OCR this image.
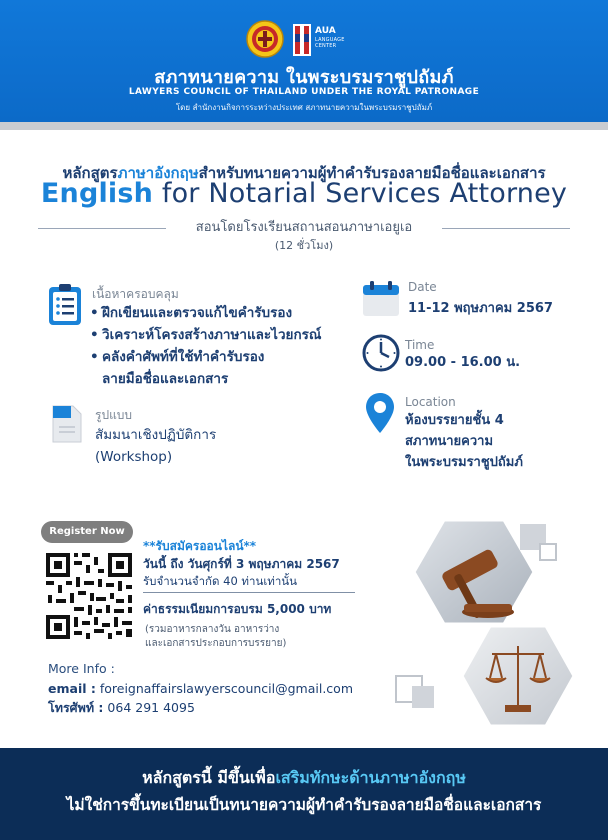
AUA
LANGUAGE
CENTER
สภาทนายความ ในพระบรมราชูปถัมภ์
LAWYERS COUNCIL OF THAILAND UNDER THE ROYAL PATRONAGE
โดย สำนักงานกิจการระหว่างประเทศ สภาทนายความในพระบรมราชูปถัมภ์
หลักสูตรภาษาอังกฤษสำหรับทนายความผู้ทำคำรับรองลายมือชื่อและเอกสาร
English for Notarial Services Attorney
สอนโดยโรงเรียนสถานสอนภาษาเอยูเอ
(12 ชั่วโมง)
เนื้อหาครอบคลุม
• ฝึกเขียนและตรวจแก้ไขคำรับรอง
• วิเคราะห์โครงสร้างภาษาและไวยกรณ์
• คลังคำศัพท์ที่ใช้ทำคำรับรอง
ลายมือชื่อและเอกสาร
รูปแบบ
สัมมนาเชิงปฏิบัติการ
(Workshop)
Date
11-12 พฤษภาคม 2567
Time
09.00 - 16.00 น.
Location
ห้องบรรยายชั้น 4
สภาทนายความ
ในพระบรมราชูปถัมภ์
Register Now
**รับสมัครออนไลน์**
วันนี้ ถึง วันศุกร์ที่ 3 พฤษภาคม 2567
รับจำนวนจำกัด 40 ท่านเท่านั้น
ค่าธรรมเนียมการอบรม 5,000 บาท
(รวมอาหารกลางวัน อาหารว่าง
และเอกสารประกอบการบรรยาย)
More Info :
email : foreignaffairslawyerscouncil@gmail.com
โทรศัพท์ : 064 291 4095
หลักสูตรนี้ มีขึ้นเพื่อเสริมทักษะด้านภาษาอังกฤษ
ไม่ใช่การขึ้นทะเบียนเป็นทนายความผู้ทำคำรับรองลายมือชื่อและเอกสาร
